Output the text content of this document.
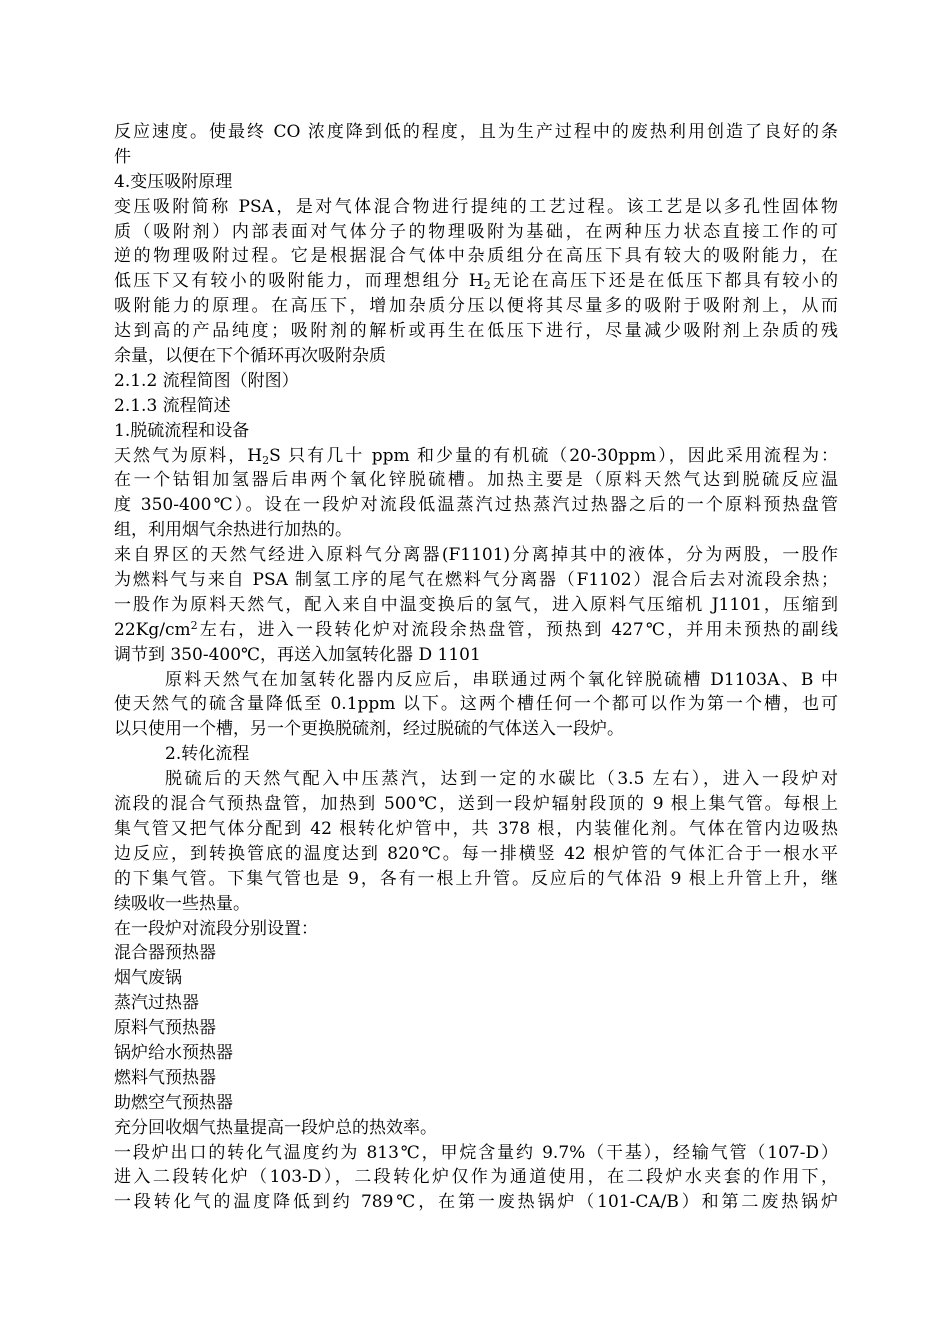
反应速度。使最终 CO 浓度降到低的程度，且为生产过程中的废热利用创造了良好的条
件
4.变压吸附原理
变压吸附简称 PSA，是对气体混合物进行提纯的工艺过程。该工艺是以多孔性固体物
质（吸附剂）内部表面对气体分子的物理吸附为基础，在两种压力状态直接工作的可
逆的物理吸附过程。它是根据混合气体中杂质组分在高压下具有较大的吸附能力，在
低压下又有较小的吸附能力，而理想组分 $H_2$无论在高压下还是在低压下都具有较小的
吸附能力的原理。在高压下，增加杂质分压以便将其尽量多的吸附于吸附剂上，从而
达到高的产品纯度；吸附剂的解析或再生在低压下进行，尽量减少吸附剂上杂质的残
余量，以便在下个循环再次吸附杂质
2.1.2 流程简图（附图）
2.1.3 流程简述
1.脱硫流程和设备
天然气为原料，$H_2S$ 只有几十 ppm 和少量的有机硫（20-30ppm），因此采用流程为：
在一个钴钼加氢器后串两个氧化锌脱硫槽。加热主要是（原料天然气达到脱硫反应温
度 350-400℃）。设在一段炉对流段低温蒸汽过热蒸汽过热器之后的一个原料预热盘管
组，利用烟气余热进行加热的。
来自界区的天然气经进入原料气分离器(F1101)分离掉其中的液体，分为两股，一股作
为燃料气与来自 PSA 制氢工序的尾气在燃料气分离器（F1102）混合后去对流段余热；
一股作为原料天然气，配入来自中温变换后的氢气，进入原料气压缩机 J1101，压缩到
$22Kg/cm^2$左右，进入一段转化炉对流段余热盘管，预热到 427℃，并用未预热的副线
调节到 350-400℃，再送入加氢转化器 D 1101
原料天然气在加氢转化器内反应后，串联通过两个氧化锌脱硫槽 D1103A、B 中
使天然气的硫含量降低至 0.1ppm 以下。这两个槽任何一个都可以作为第一个槽，也可
以只使用一个槽，另一个更换脱硫剂，经过脱硫的气体送入一段炉。
2.转化流程
脱硫后的天然气配入中压蒸汽，达到一定的水碳比（3.5 左右），进入一段炉对
流段的混合气预热盘管，加热到 500℃，送到一段炉辐射段顶的 9 根上集气管。每根上
集气管又把气体分配到 42 根转化炉管中，共 378 根，内装催化剂。气体在管内边吸热
边反应，到转换管底的温度达到 820℃。每一排横竖 42 根炉管的气体汇合于一根水平
的下集气管。下集气管也是 9，各有一根上升管。反应后的气体沿 9 根上升管上升，继
续吸收一些热量。
在一段炉对流段分别设置：
混合器预热器
烟气废锅
蒸汽过热器
原料气预热器
锅炉给水预热器
燃料气预热器
助燃空气预热器
充分回收烟气热量提高一段炉总的热效率。
一段炉出口的转化气温度约为 813℃，甲烷含量约 9.7%（干基），经输气管（107-D）
进入二段转化炉（103-D），二段转化炉仅作为通道使用，在二段炉水夹套的作用下，
一段转化气的温度降低到约 789℃，在第一废热锅炉（101-CA/B）和第二废热锅炉
